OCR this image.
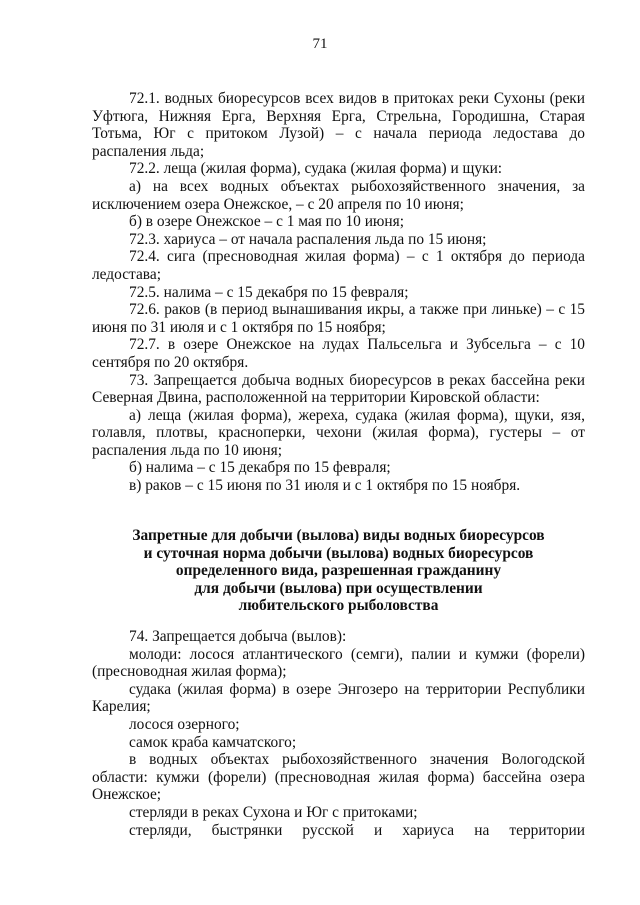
71

72.1. водных биоресурсов всех видов в притоках реки Сухоны (реки Уфтюга, Нижняя Ерга, Верхняя Ерга, Стрельна, Городишна, Старая Тотьма, Юг с притоком Лузой) – с начала периода ледостава до распаления льда;

72.2. леща (жилая форма), судака (жилая форма) и щуки:

а) на всех водных объектах рыбохозяйственного значения, за исключением озера Онежское, – с 20 апреля по 10 июня;

б) в озере Онежское – с 1 мая по 10 июня;

72.3. хариуса – от начала распаления льда по 15 июня;

72.4. сига (пресноводная жилая форма) – с 1 октября до периода ледостава;

72.5. налима – с 15 декабря по 15 февраля;

72.6. раков (в период вынашивания икры, а также при линьке) – с 15 июня по 31 июля и с 1 октября по 15 ноября;

72.7. в озере Онежское на лудах Пальсельга и Зубсельга – с 10 сентября по 20 октября.

73. Запрещается добыча водных биоресурсов в реках бассейна реки Северная Двина, расположенной на территории Кировской области:

а) леща (жилая форма), жереха, судака (жилая форма), щуки, язя, голавля, плотвы, красноперки, чехони (жилая форма), густеры – от распаления льда по 10 июня;

б) налима – с 15 декабря по 15 февраля;

в) раков – с 15 июня по 31 июля и с 1 октября по 15 ноября.

Запретные для добычи (вылова) виды водных биоресурсов
и суточная норма добычи (вылова) водных биоресурсов
определенного вида, разрешенная гражданину
для добычи (вылова) при осуществлении
любительского рыболовства

74. Запрещается добыча (вылов):

молоди: лосося атлантического (семги), палии и кумжи (форели) (пресноводная жилая форма);

судака (жилая форма) в озере Энгозеро на территории Республики Карелия;

лосося озерного;

самок краба камчатского;

в водных объектах рыбохозяйственного значения Вологодской области: кумжи (форели) (пресноводная жилая форма) бассейна озера Онежское;

стерляди в реках Сухона и Юг с притоками;

стерляди, быстрянки русской и хариуса на территории
